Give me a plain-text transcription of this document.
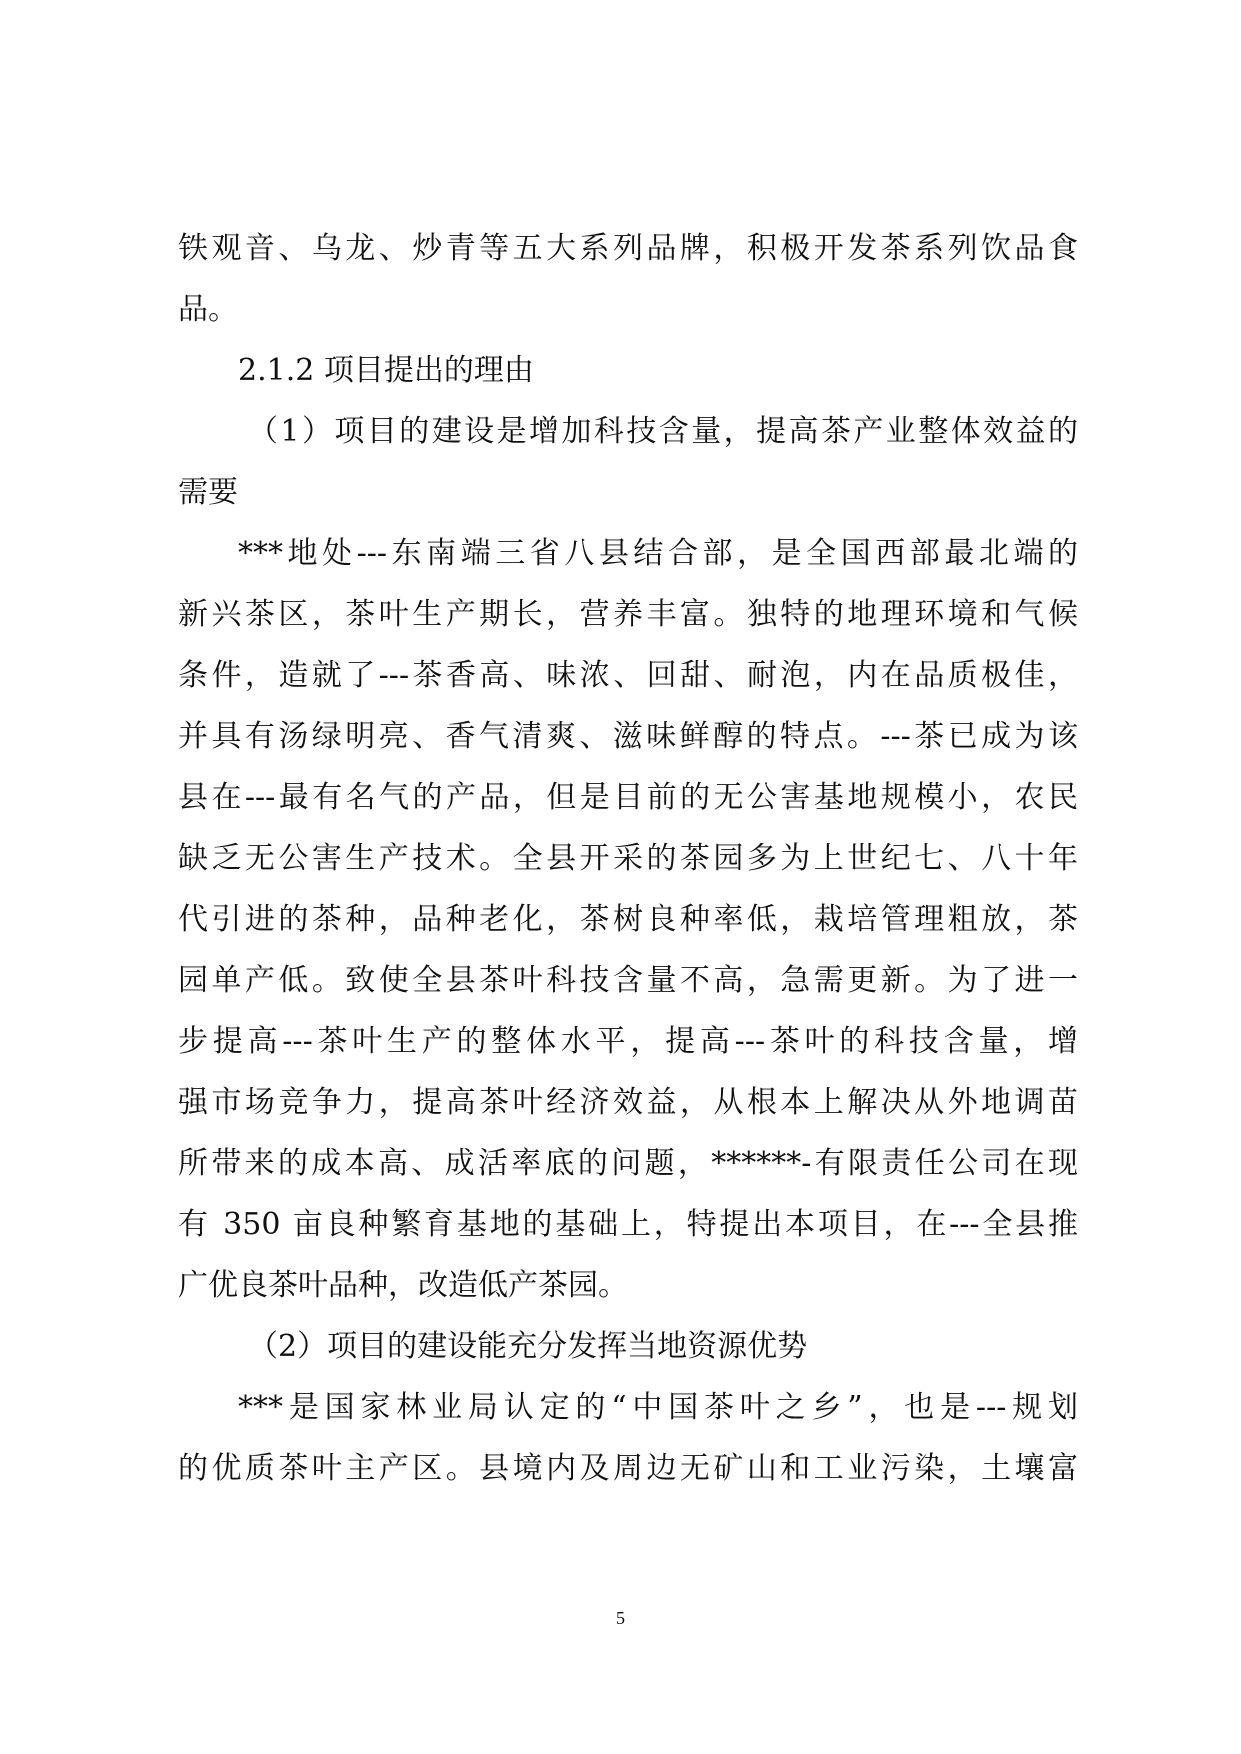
铁观音、乌龙、炒青等五大系列品牌，积极开发茶系列饮品食
品。
2.1.2 项目提出的理由
（1）项目的建设是增加科技含量，提高茶产业整体效益的
需要
***地处---东南端三省八县结合部，是全国西部最北端的
新兴茶区，茶叶生产期长，营养丰富。独特的地理环境和气候
条件，造就了---茶香高、味浓、回甜、耐泡，内在品质极佳，
并具有汤绿明亮、香气清爽、滋味鲜醇的特点。---茶已成为该
县在---最有名气的产品，但是目前的无公害基地规模小，农民
缺乏无公害生产技术。全县开采的茶园多为上世纪七、八十年
代引进的茶种，品种老化，茶树良种率低，栽培管理粗放，茶
园单产低。致使全县茶叶科技含量不高，急需更新。为了进一
步提高---茶叶生产的整体水平，提高---茶叶的科技含量，增
强市场竞争力，提高茶叶经济效益，从根本上解决从外地调苗
所带来的成本高、成活率底的问题，******-有限责任公司在现
有 350 亩良种繁育基地的基础上，特提出本项目，在---全县推
广优良茶叶品种，改造低产茶园。
（2）项目的建设能充分发挥当地资源优势
***是国家林业局认定的“中国茶叶之乡”，也是---规划
的优质茶叶主产区。县境内及周边无矿山和工业污染，土壤富
5
